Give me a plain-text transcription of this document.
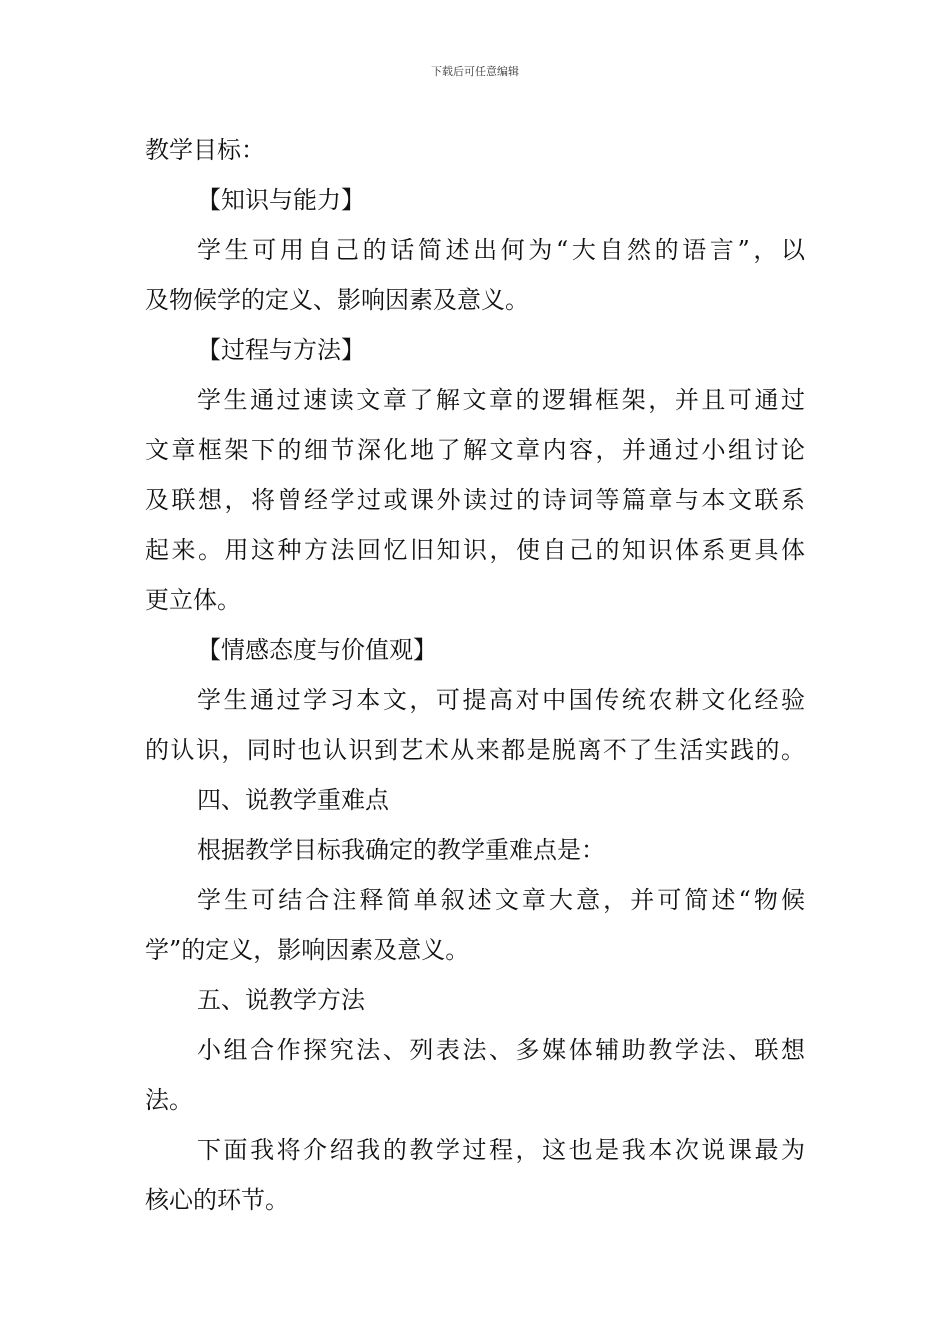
下载后可任意编辑
教学目标：
【知识与能力】
学生可用自己的话简述出何为“大自然的语言”，以
及物候学的定义、影响因素及意义。
【过程与方法】
学生通过速读文章了解文章的逻辑框架，并且可通过
文章框架下的细节深化地了解文章内容，并通过小组讨论
及联想，将曾经学过或课外读过的诗词等篇章与本文联系
起来。用这种方法回忆旧知识，使自己的知识体系更具体
更立体。
【情感态度与价值观】
学生通过学习本文，可提高对中国传统农耕文化经验
的认识，同时也认识到艺术从来都是脱离不了生活实践的。
四、说教学重难点
根据教学目标我确定的教学重难点是：
学生可结合注释简单叙述文章大意，并可简述“物候
学”的定义，影响因素及意义。
五、说教学方法
小组合作探究法、列表法、多媒体辅助教学法、联想
法。
下面我将介绍我的教学过程，这也是我本次说课最为
核心的环节。
